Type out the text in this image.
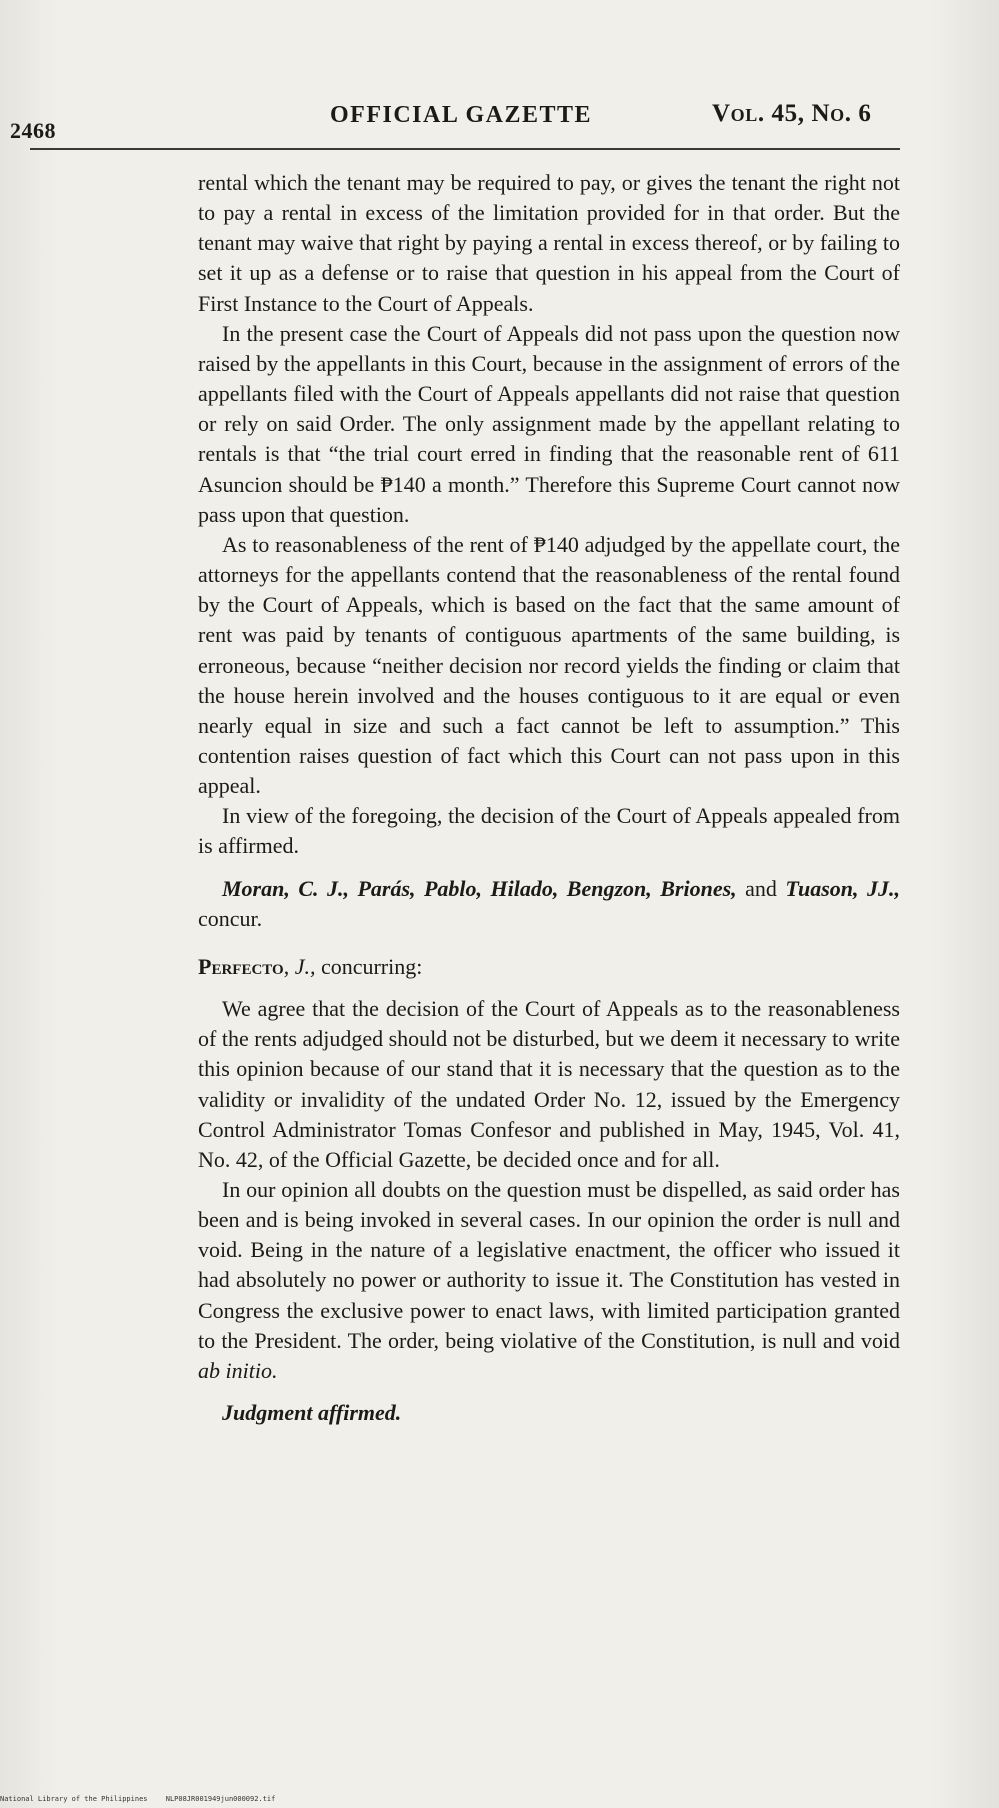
2468
OFFICIAL GAZETTE	Vol. 45, No. 6

rental which the tenant may be required to pay, or gives the tenant the right not to pay a rental in excess of the limitation provided for in that order. But the tenant may waive that right by paying a rental in excess thereof, or by failing to set it up as a defense or to raise that question in his appeal from the Court of First Instance to the Court of Appeals.

In the present case the Court of Appeals did not pass upon the question now raised by the appellants in this Court, because in the assignment of errors of the appellants filed with the Court of Appeals appellants did not raise that question or rely on said Order. The only assignment made by the appellant relating to rentals is that “the trial court erred in finding that the reasonable rent of 611 Asuncion should be ₱140 a month.” Therefore this Supreme Court cannot now pass upon that question.

As to reasonableness of the rent of ₱140 adjudged by the appellate court, the attorneys for the appellants contend that the reasonableness of the rental found by the Court of Appeals, which is based on the fact that the same amount of rent was paid by tenants of contiguous apartments of the same building, is erroneous, because “neither decision nor record yields the finding or claim that the house herein involved and the houses contiguous to it are equal or even nearly equal in size and such a fact cannot be left to assumption.” This contention raises question of fact which this Court can not pass upon in this appeal.

In view of the foregoing, the decision of the Court of Appeals appealed from is affirmed.

Moran, C. J., Parás, Pablo, Hilado, Bengzon, Briones, and Tuason, JJ., concur.

Perfecto, J., concurring:

We agree that the decision of the Court of Appeals as to the reasonableness of the rents adjudged should not be disturbed, but we deem it necessary to write this opinion because of our stand that it is necessary that the question as to the validity or invalidity of the undated Order No. 12, issued by the Emergency Control Administrator Tomas Confesor and published in May, 1945, Vol. 41, No. 42, of the Official Gazette, be decided once and for all.

In our opinion all doubts on the question must be dispelled, as said order has been and is being invoked in several cases. In our opinion the order is null and void. Being in the nature of a legislative enactment, the officer who issued it had absolutely no power or authority to issue it. The Constitution has vested in Congress the exclusive power to enact laws, with limited participation granted to the President. The order, being violative of the Constitution, is null and void ab initio.

Judgment affirmed.

National Library of the Philippines	NLP08JR001949jun000092.tif
